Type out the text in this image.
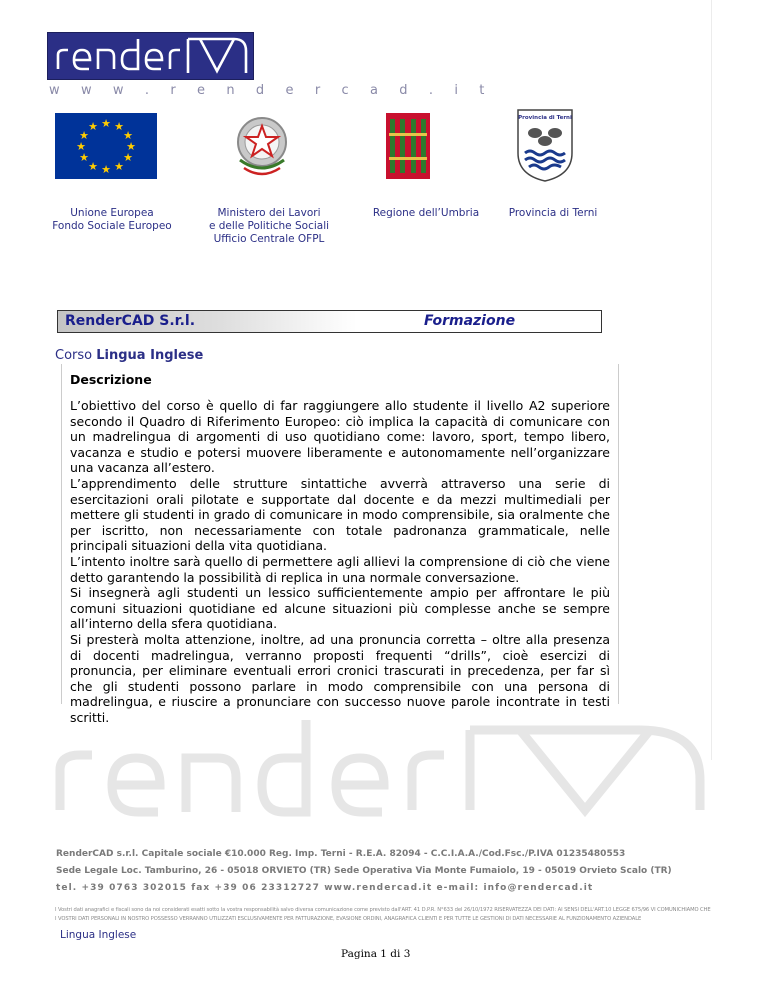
w w w . r e n d e r c a d . i t
★ ★
★
★
★
★
★
★
★
★
★
★
Provincia di Terni
Unione Europea
Fondo Sociale Europeo
Ministero dei Lavori
e delle Politiche Sociali
Ufficio Centrale OFPL
Regione dell’Umbria	Provincia di Terni
RenderCAD S.r.l.	Formazione
Corso Lingua Inglese
Descrizione

L’obiettivo del corso è quello di far raggiungere allo studente il livello A2 superiore secondo il Quadro di Riferimento Europeo: ciò implica la capacità di comunicare con un madrelingua di argomenti di uso quotidiano come: lavoro, sport, tempo libero, vacanza e studio e potersi muovere liberamente e autonomamente nell’organizzare una vacanza all’estero.

L’apprendimento delle strutture sintattiche avverrà attraverso una serie di esercitazioni orali pilotate e supportate dal docente e da mezzi multimediali per mettere gli studenti in grado di comunicare in modo comprensibile, sia oralmente che per iscritto, non necessariamente con totale padronanza grammaticale, nelle principali situazioni della vita quotidiana.

L’intento inoltre sarà quello di permettere agli allievi la comprensione di ciò che viene detto garantendo la possibilità di replica in una normale conversazione.

Si insegnerà agli studenti un lessico sufficientemente ampio per affrontare le più comuni situazioni quotidiane ed alcune situazioni più complesse anche se sempre all’interno della sfera quotidiana.

Si presterà molta attenzione, inoltre, ad una pronuncia corretta – oltre alla presenza di docenti madrelingua, verranno proposti frequenti “drills”, cioè esercizi di pronuncia, per eliminare eventuali errori cronici trascurati in precedenza, per far sì che gli studenti possono parlare in modo comprensibile con una persona di madrelingua, e riuscire a pronunciare con successo nuove parole incontrate in testi scritti.

RenderCAD s.r.l. Capitale sociale €10.000 Reg. Imp. Terni - R.E.A. 82094 - C.C.I.A.A./Cod.Fsc./P.IVA 01235480553
Sede Legale Loc. Tamburino, 26 - 05018 ORVIETO (TR) Sede Operativa Via Monte Fumaiolo, 19 - 05019 Orvieto Scalo (TR)
tel. +39 0763 302015 fax +39 06 23312727 www.rendercad.it e-mail: info@rendercad.it
I Vostri dati anagrafici e fiscali sono da noi considerati esatti sotto la vostra responsabilità salvo diversa comunicazione come previsto dall'ART. 41 D.P.R. N°633 del 26/10/1972 RISERVATEZZA DEI DATI: AI SENSI DELL'ART.10 LEGGE 675/96 VI COMUNICHIAMO CHE
I VOSTRI DATI PERSONALI IN NOSTRO POSSESSO VERRANNO UTILIZZATI ESCLUSIVAMENTE PER FATTURAZIONE, EVASIONE ORDINI, ANAGRAFICA CLIENTI E PER TUTTE LE GESTIONI DI DATI NECESSARIE AL FUNZIONAMENTO AZIENDALE
Lingua Inglese
Pagina 1 di 3
